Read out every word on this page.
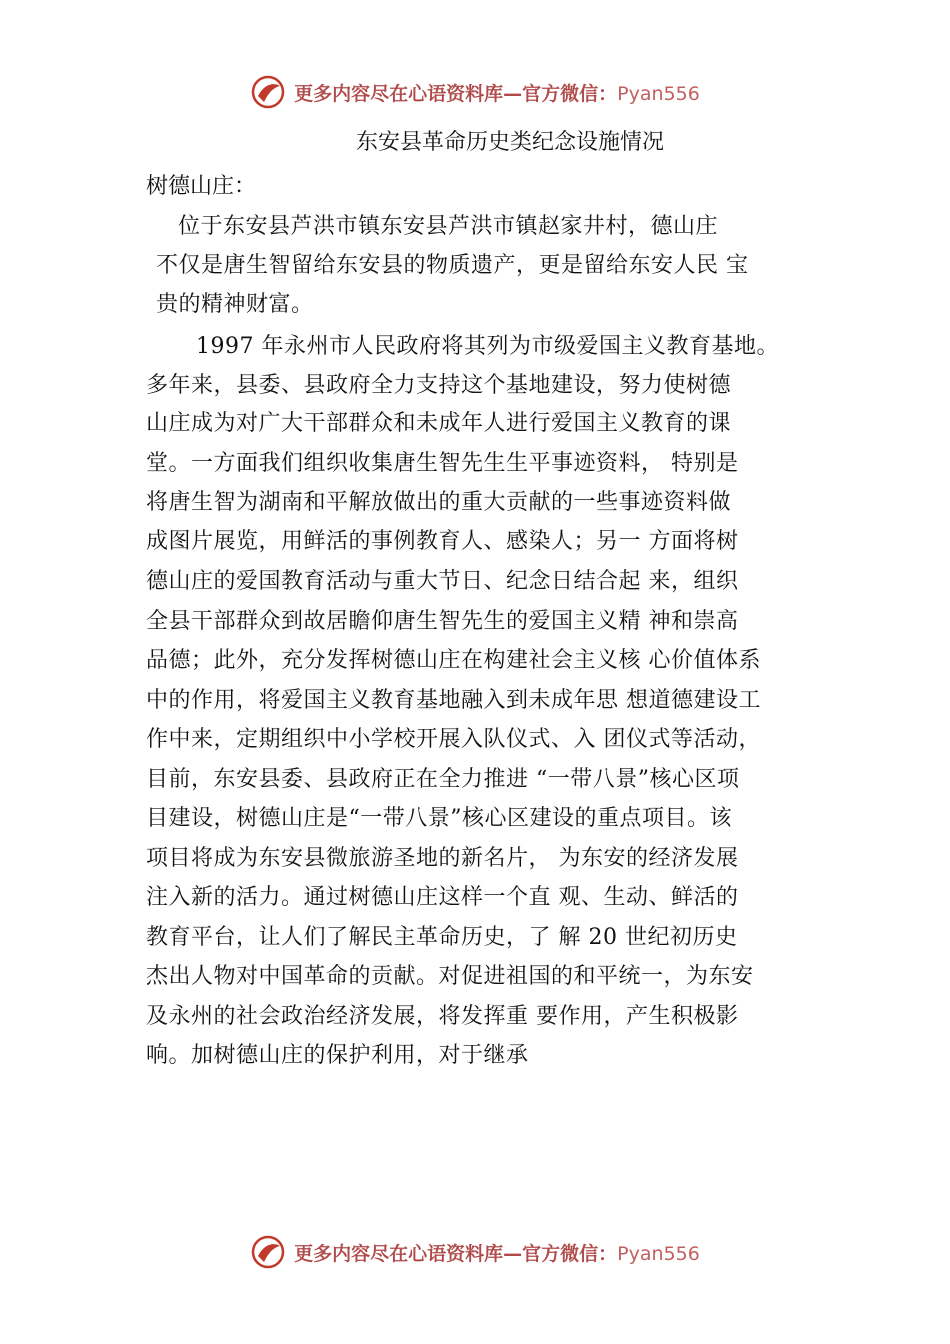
更多内容尽在心语资料库—官方微信：Pyan556
东安县革命历史类纪念设施情况
树德山庄：
位于东安县芦洪市镇东安县芦洪市镇赵家井村，德山庄
不仅是唐生智留给东安县的物质遗产，更是留给东安人民 宝
贵的精神财富。
1997 年永州市人民政府将其列为市级爱国主义教育基地。
多年来，县委、县政府全力支持这个基地建设，努力使树德
山庄成为对广大干部群众和未成年人进行爱国主义教育的课
堂。一方面我们组织收集唐生智先生生平事迹资料， 特别是
将唐生智为湖南和平解放做出的重大贡献的一些事迹资料做
成图片展览，用鲜活的事例教育人、感染人；另一 方面将树
德山庄的爱国教育活动与重大节日、纪念日结合起 来，组织
全县干部群众到故居瞻仰唐生智先生的爱国主义精 神和崇高
品德；此外，充分发挥树德山庄在构建社会主义核 心价值体系
中的作用，将爱国主义教育基地融入到未成年思 想道德建设工
作中来，定期组织中小学校开展入队仪式、入 团仪式等活动，
目前，东安县委、县政府正在全力推进 “一带八景”核心区项
目建设，树德山庄是“一带八景”核心区建设的重点项目。该
项目将成为东安县微旅游圣地的新名片， 为东安的经济发展
注入新的活力。通过树德山庄这样一个直 观、生动、鲜活的
教育平台，让人们了解民主革命历史，了 解 20 世纪初历史
杰出人物对中国革命的贡献。对促进祖国的和平统一，为东安
及永州的社会政治经济发展，将发挥重 要作用，产生积极影
响。加树德山庄的保护利用，对于继承
更多内容尽在心语资料库—官方微信：Pyan556
